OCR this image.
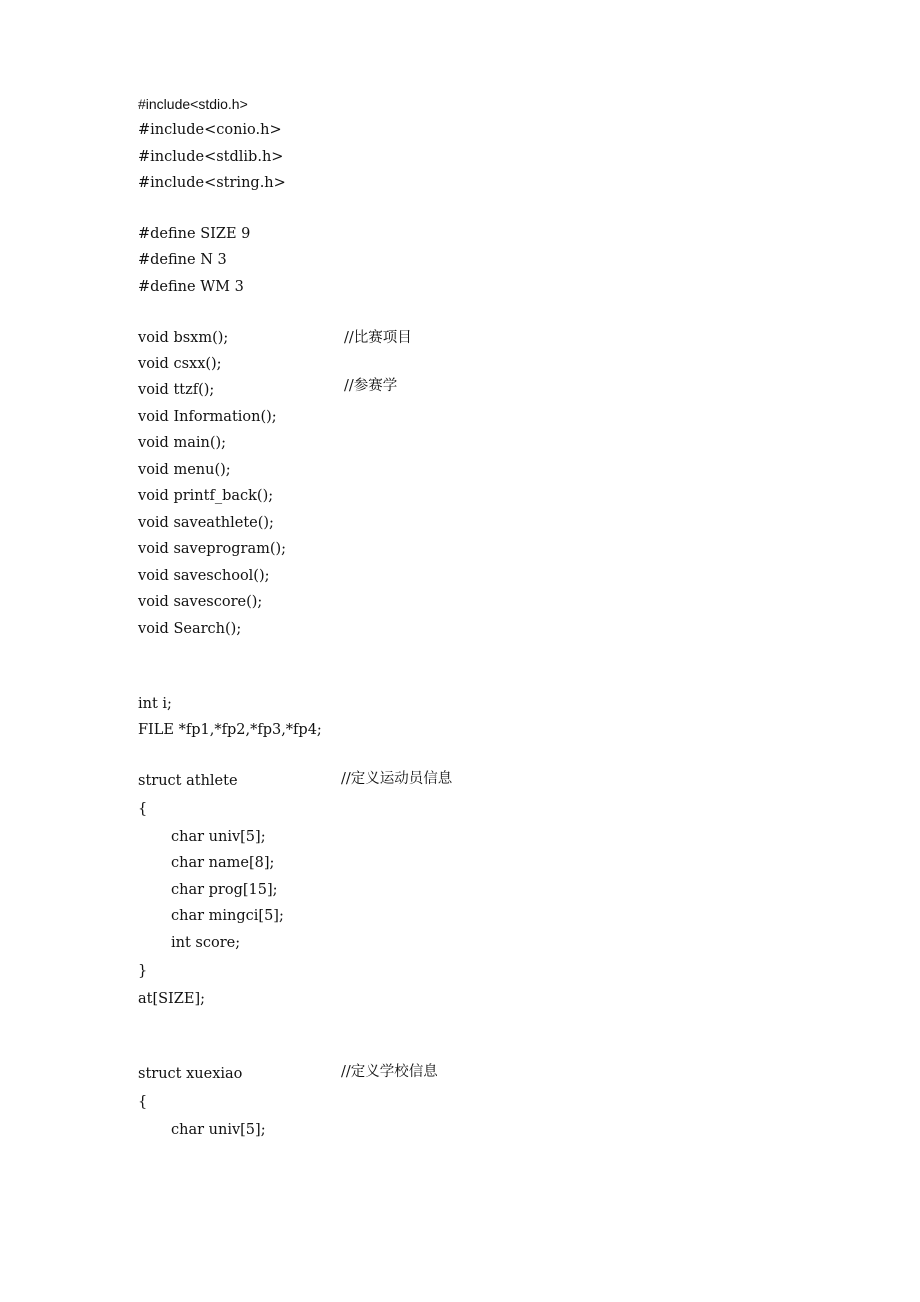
#include<stdio.h>
#include<conio.h>
#include<stdlib.h>
#include<string.h>
#define SIZE 9
#define N 3
#define WM 3
void bsxm();	//比赛项目
void csxx();
void ttzf();	//参赛学
void Information();
void main();
void menu();
void printf_back();
void saveathlete();
void saveprogram();
void saveschool();
void savescore();
void Search();
int i;
FILE *fp1,*fp2,*fp3,*fp4;
struct athlete	//定义运动员信息
{
char univ[5];
char name[8];
char prog[15];
char mingci[5];
int score;
}
at[SIZE];
struct xuexiao	//定义学校信息
{
char univ[5];
